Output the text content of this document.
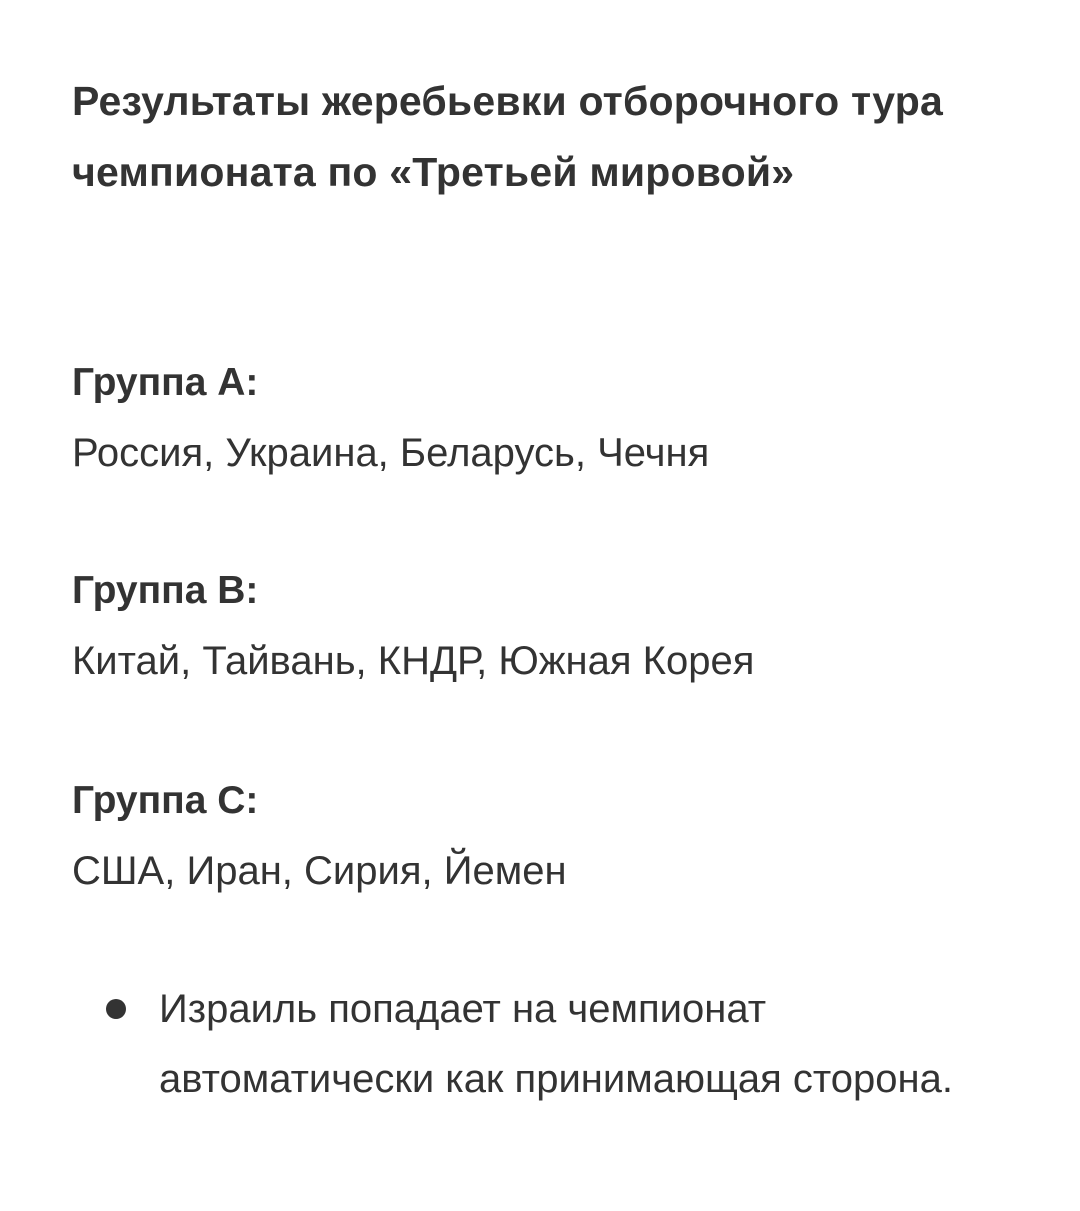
Результаты жеребьевки отборочного тура чемпионата по «Третьей мировой»

Группа А:

Россия, Украина, Беларусь, Чечня

Группа В:

Китай, Тайвань, КНДР, Южная Корея

Группа С:

США, Иран, Сирия, Йемен

Израиль попадает на чемпионат автоматически как принимающая сторона.
